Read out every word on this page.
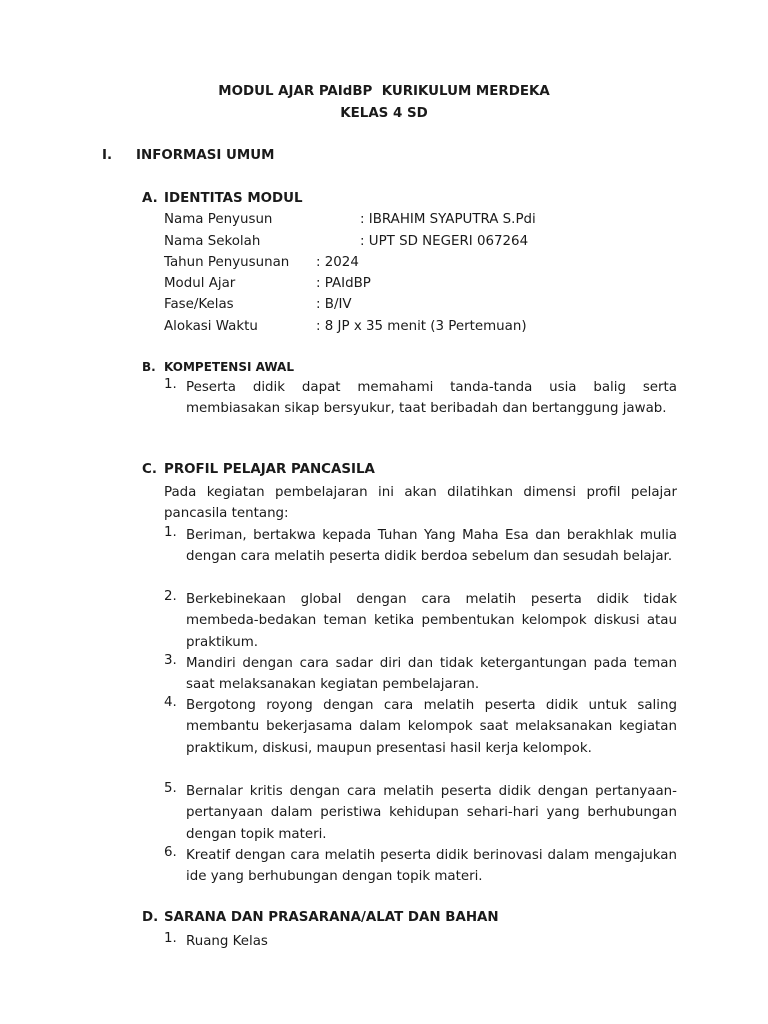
MODUL AJAR PAIdBP  KURIKULUM MERDEKA
KELAS 4 SD
I. INFORMASI UMUM
A. IDENTITAS MODUL
Nama Penyusun	: IBRAHIM SYAPUTRA S.Pdi
Nama Sekolah	: UPT SD NEGERI 067264
Tahun Penyusunan : 2024
Modul Ajar	: PAIdBP
Fase/Kelas	: B/IV
Alokasi Waktu	: 8 JP x 35 menit (3 Pertemuan)
B. KOMPETENSI AWAL
1. Peserta didik dapat memahami tanda-tanda usia balig serta membiasakan sikap bersyukur, taat beribadah dan bertanggung jawab.

C. PROFIL PELAJAR PANCASILA

Pada kegiatan pembelajaran ini akan dilatihkan dimensi profil pelajar pancasila tentang:

1. Beriman, bertakwa kepada Tuhan Yang Maha Esa dan berakhlak mulia dengan cara melatih peserta didik berdoa sebelum dan sesudah belajar.

2. Berkebinekaan global dengan cara melatih peserta didik tidak membeda-bedakan teman ketika pembentukan kelompok diskusi atau praktikum.

3. Mandiri dengan cara sadar diri dan tidak ketergantungan pada teman saat melaksanakan kegiatan pembelajaran.

4. Bergotong royong dengan cara melatih peserta didik untuk saling membantu bekerjasama dalam kelompok saat melaksanakan kegiatan praktikum, diskusi, maupun presentasi hasil kerja kelompok.

5. Bernalar kritis dengan cara melatih peserta didik dengan pertanyaan-pertanyaan dalam peristiwa kehidupan sehari-hari yang berhubungan dengan topik materi.

6. Kreatif dengan cara melatih peserta didik berinovasi dalam mengajukan ide yang berhubungan dengan topik materi.

D. SARANA DAN PRASARANA/ALAT DAN BAHAN
1. Ruang Kelas
